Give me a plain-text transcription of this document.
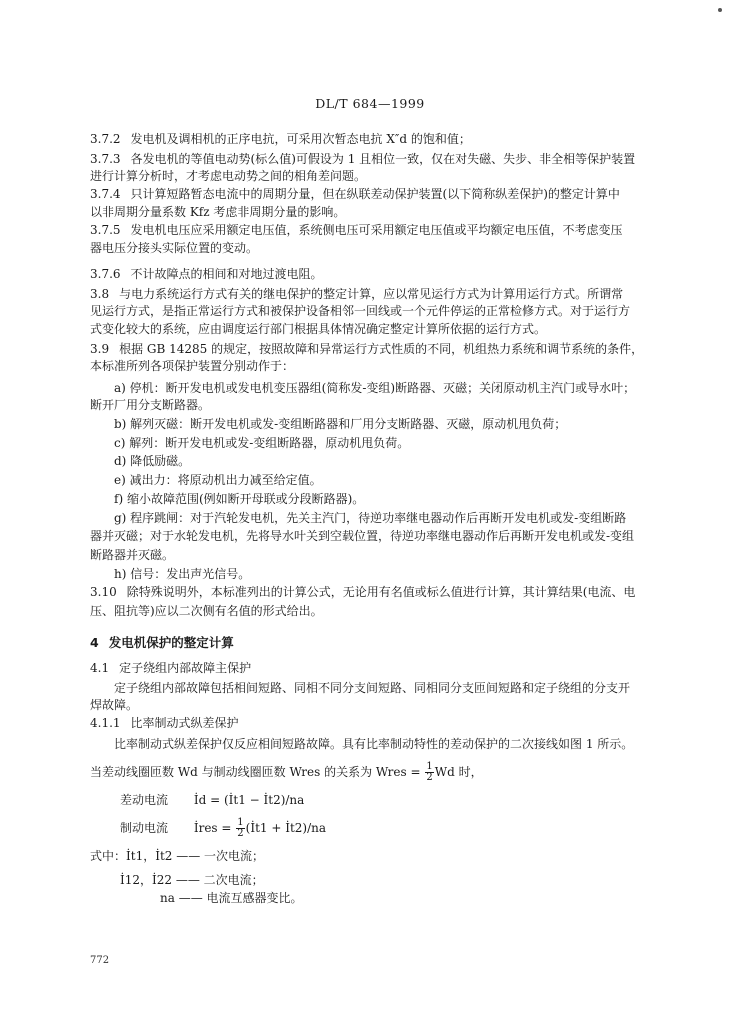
DL/T 684—1999
3.7.2 发电机及调相机的正序电抗，可采用次暂态电抗 X″d 的饱和值；
3.7.3 各发电机的等值电动势(标么值)可假设为 1 且相位一致，仅在对失磁、失步、非全相等保护装置
进行计算分析时，才考虑电动势之间的相角差问题。
3.7.4 只计算短路暂态电流中的周期分量，但在纵联差动保护装置(以下简称纵差保护)的整定计算中
以非周期分量系数 Kfz 考虑非周期分量的影响。
3.7.5 发电机电压应采用额定电压值，系统侧电压可采用额定电压值或平均额定电压值，不考虑变压
器电压分接头实际位置的变动。
3.7.6 不计故障点的相间和对地过渡电阻。
3.8 与电力系统运行方式有关的继电保护的整定计算，应以常见运行方式为计算用运行方式。所谓常
见运行方式，是指正常运行方式和被保护设备相邻一回线或一个元件停运的正常检修方式。对于运行方
式变化较大的系统，应由调度运行部门根据具体情况确定整定计算所依据的运行方式。
3.9 根据 GB 14285 的规定，按照故障和异常运行方式性质的不同，机组热力系统和调节系统的条件，
本标准所列各项保护装置分别动作于：
a) 停机：断开发电机或发电机变压器组(简称发-变组)断路器、灭磁；关闭原动机主汽门或导水叶；
断开厂用分支断路器。
b) 解列灭磁：断开发电机或发-变组断路器和厂用分支断路器、灭磁，原动机甩负荷；
c) 解列：断开发电机或发-变组断路器，原动机甩负荷。
d) 降低励磁。
e) 减出力：将原动机出力减至给定值。
f) 缩小故障范围(例如断开母联或分段断路器)。
g) 程序跳闸：对于汽轮发电机，先关主汽门，待逆功率继电器动作后再断开发电机或发-变组断路
器并灭磁；对于水轮发电机，先将导水叶关到空载位置，待逆功率继电器动作后再断开发电机或发-变组
断路器并灭磁。
h) 信号：发出声光信号。
3.10 除特殊说明外，本标准列出的计算公式，无论用有名值或标么值进行计算，其计算结果(电流、电
压、阻抗等)应以二次侧有名值的形式给出。
4 发电机保护的整定计算
4.1 定子绕组内部故障主保护
定子绕组内部故障包括相间短路、同相不同分支间短路、同相同分支匝间短路和定子绕组的分支开
焊故障。
4.1.1 比率制动式纵差保护
比率制动式纵差保护仅反应相间短路故障。具有比率制动特性的差动保护的二次接线如图 1 所示。
当差动线圈匝数 Wd 与制动线圈匝数 Wres 的关系为 Wres = $\frac{1}{2}$ Wd 时，
差动电流 İd = (İt1 − İt2)/na
制动电流 İres = $\frac{1}{2}$ (İt1 + İt2)/na
式中：İt1，İt2 —— 一次电流；
İ12，İ22 —— 二次电流；
na —— 电流互感器变比。
772
